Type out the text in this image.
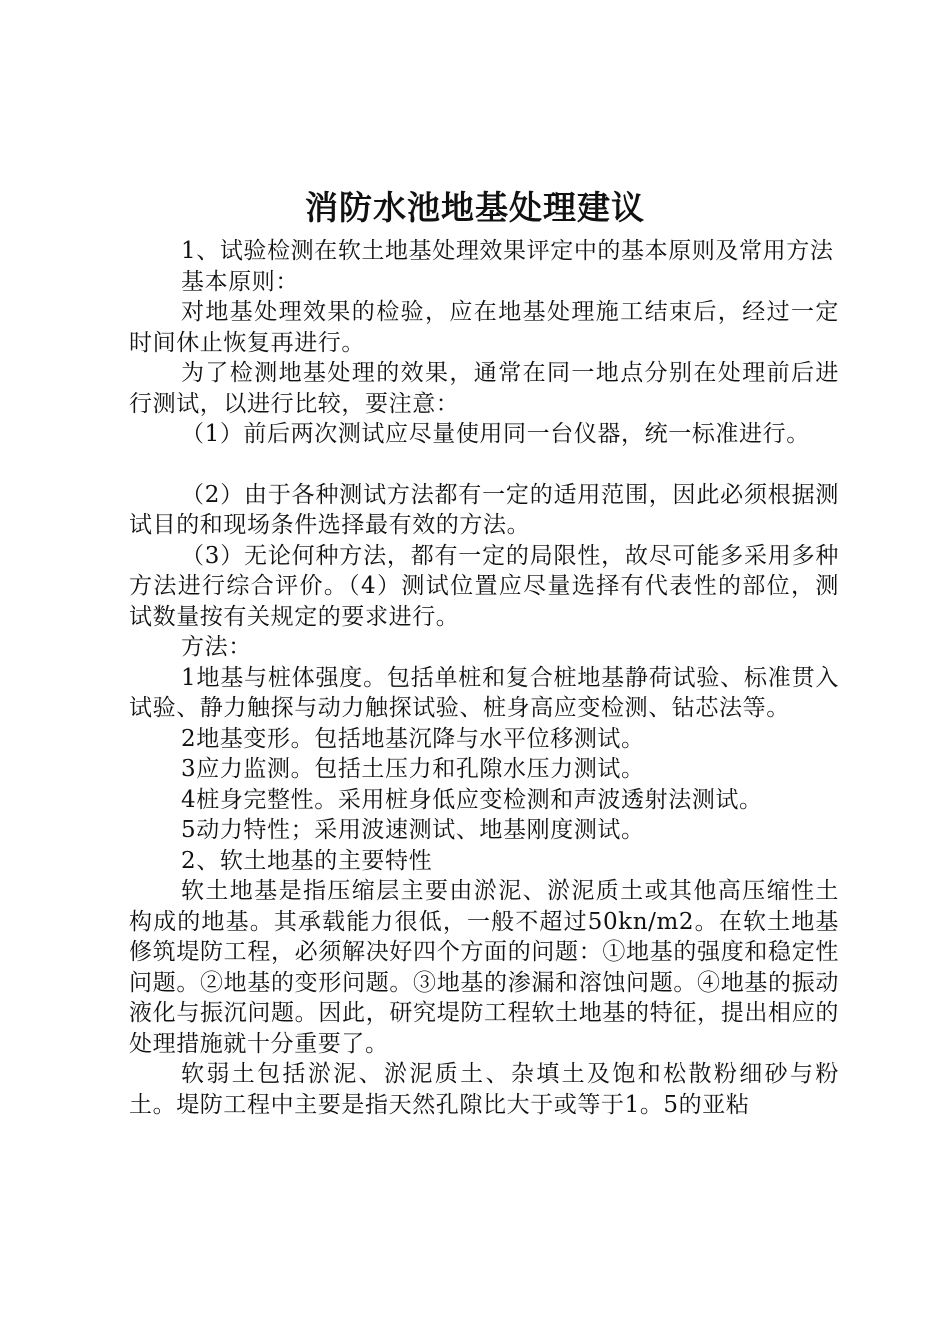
消防水池地基处理建议

1、试验检测在软土地基处理效果评定中的基本原则及常用方法

基本原则：

对地基处理效果的检验，应在地基处理施工结束后，经过一定时间休止恢复再进行。

为了检测地基处理的效果，通常在同一地点分别在处理前后进行测试，以进行比较，要注意：

（1）前后两次测试应尽量使用同一台仪器，统一标准进行。

（2）由于各种测试方法都有一定的适用范围，因此必须根据测试目的和现场条件选择最有效的方法。

（3）无论何种方法，都有一定的局限性，故尽可能多采用多种方法进行综合评价。（4）测试位置应尽量选择有代表性的部位，测试数量按有关规定的要求进行。

方法：

1地基与桩体强度。包括单桩和复合桩地基静荷试验、标准贯入试验、静力触探与动力触探试验、桩身高应变检测、钻芯法等。

2地基变形。包括地基沉降与水平位移测试。

3应力监测。包括土压力和孔隙水压力测试。

4桩身完整性。采用桩身低应变检测和声波透射法测试。

5动力特性；采用波速测试、地基刚度测试。

2、软土地基的主要特性

软土地基是指压缩层主要由淤泥、淤泥质土或其他高压缩性土构成的地基。其承载能力很低，一般不超过50kn/m2。在软土地基修筑堤防工程，必须解决好四个方面的问题：①地基的强度和稳定性问题。②地基的变形问题。③地基的渗漏和溶蚀问题。④地基的振动液化与振沉问题。因此，研究堤防工程软土地基的特征，提出相应的处理措施就十分重要了。

软弱土包括淤泥、淤泥质土、杂填土及饱和松散粉细砂与粉土。堤防工程中主要是指天然孔隙比大于或等于1。5的亚粘
